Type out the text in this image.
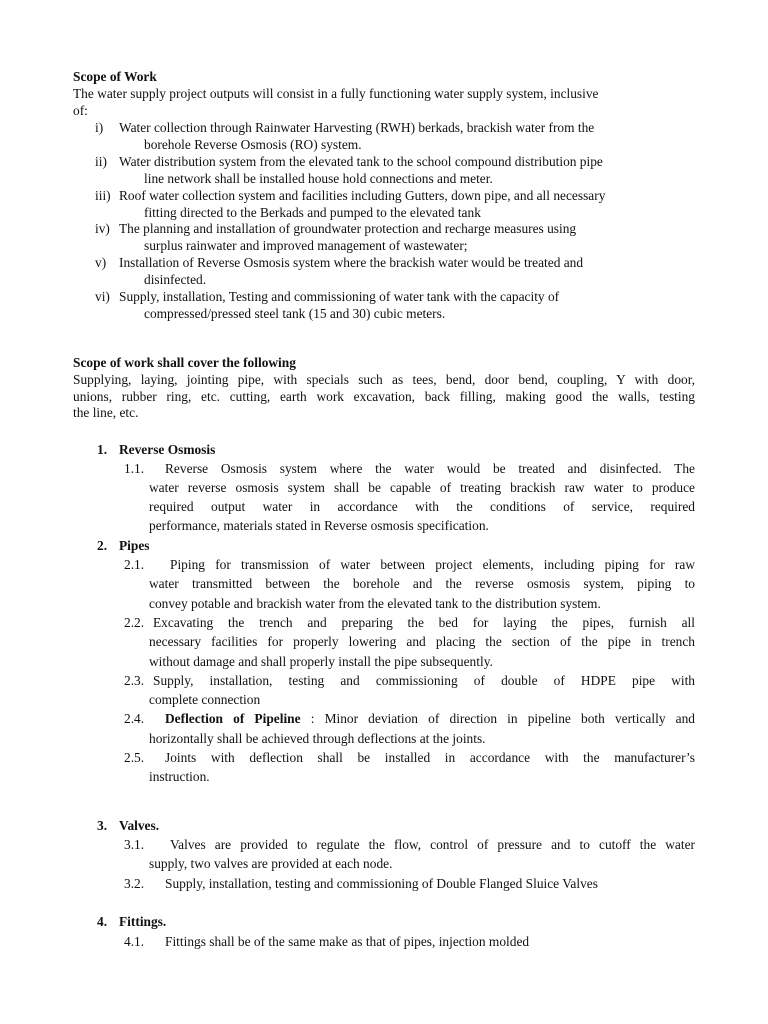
Scope of Work
The water supply project outputs will consist in a fully functioning water supply system, inclusive
of:
i) Water collection through Rainwater Harvesting (RWH) berkads, brackish water from the
borehole Reverse Osmosis (RO) system.
ii) Water distribution system from the elevated tank to the school compound distribution pipe
line network shall be installed house hold connections and meter.
iii) Roof water collection system and facilities including Gutters, down pipe, and all necessary
fitting directed to the Berkads and pumped to the elevated tank
iv) The planning and installation of groundwater protection and recharge measures using
surplus rainwater and improved management of wastewater;
v) Installation of Reverse Osmosis system where the brackish water would be treated and
disinfected.
vi) Supply, installation, Testing and commissioning of water tank with the capacity of
compressed/pressed steel tank (15 and 30) cubic meters.
Scope of work shall cover the following
Supplying, laying, jointing pipe, with specials such as tees, bend, door bend, coupling, Y with door,
unions, rubber ring, etc. cutting, earth work excavation, back filling, making good the walls, testing
the line, etc.
1. Reverse Osmosis
1.1. Reverse Osmosis system where the water would be treated and disinfected. The
water reverse osmosis system shall be capable of treating brackish raw water to produce
required output water in accordance with the conditions of service, required
performance, materials stated in Reverse osmosis specification.
2. Pipes
2.1. Piping for transmission of water between project elements, including piping for raw
water transmitted between the borehole and the reverse osmosis system, piping to
convey potable and brackish water from the elevated tank to the distribution system.
2.2. Excavating the trench and preparing the bed for laying the pipes, furnish all
necessary facilities for properly lowering and placing the section of the pipe in trench
without damage and shall properly install the pipe subsequently.
2.3. Supply, installation, testing and commissioning of double of HDPE pipe with
complete connection
2.4. Deflection of Pipeline : Minor deviation of direction in pipeline both vertically and
horizontally shall be achieved through deflections at the joints.
2.5. Joints with deflection shall be installed in accordance with the manufacturer’s
instruction.
3. Valves.
3.1. Valves are provided to regulate the flow, control of pressure and to cutoff the water
supply, two valves are provided at each node.
3.2. Supply, installation, testing and commissioning of Double Flanged Sluice Valves
4. Fittings.
4.1. Fittings shall be of the same make as that of pipes, injection molded
